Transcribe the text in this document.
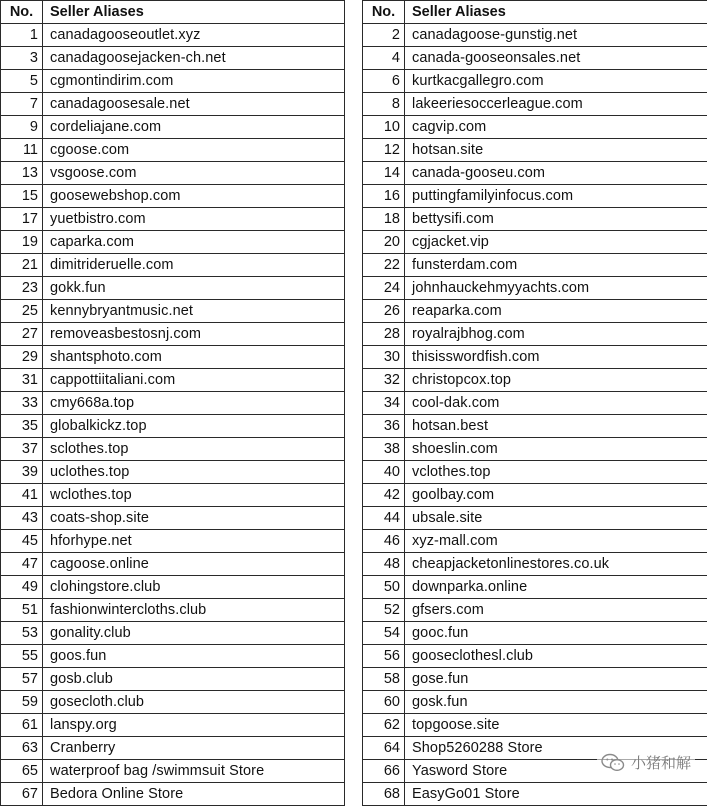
No.	Seller Aliases
1	canadagooseoutlet.xyz
3	canadagoosejacken-ch.net
5	cgmontindirim.com
7	canadagoosesale.net
9	cordeliajane.com
11	cgoose.com
13	vsgoose.com
15	goosewebshop.com
17	yuetbistro.com
19	caparka.com
21	dimitrideruelle.com
23	gokk.fun
25	kennybryantmusic.net
27	removeasbestosnj.com
29	shantsphoto.com
31	cappottiitaliani.com
33	cmy668a.top
35	globalkickz.top
37	sclothes.top
39	uclothes.top
41	wclothes.top
43	coats-shop.site
45	hforhype.net
47	cagoose.online
49	clohingstore.club
51	fashionwintercloths.club
53	gonality.club
55	goos.fun
57	gosb.club
59	gosecloth.club
61	lanspy.org
63	Cranberry
65	waterproof bag /swimmsuit Store
67	Bedora Online Store
No.	Seller Aliases
2	canadagoose-gunstig.net
4	canada-gooseonsales.net
6	kurtkacgallegro.com
8	lakeeriesoccerleague.com
10	cagvip.com
12	hotsan.site
14	canada-gooseu.com
16	puttingfamilyinfocus.com
18	bettysifi.com
20	cgjacket.vip
22	funsterdam.com
24	johnhauckehmyyachts.com
26	reaparka.com
28	royalrajbhog.com
30	thisisswordfish.com
32	christopcox.top
34	cool-dak.com
36	hotsan.best
38	shoeslin.com
40	vclothes.top
42	goolbay.com
44	ubsale.site
46	xyz-mall.com
48	cheapjacketonlinestores.co.uk
50	downparka.online
52	gfsers.com
54	gooc.fun
56	gooseclothesl.club
58	gose.fun
60	gosk.fun
62	topgoose.site
64	Shop5260288 Store
66	Yasword Store
68	EasyGo01 Store
小猪和解
